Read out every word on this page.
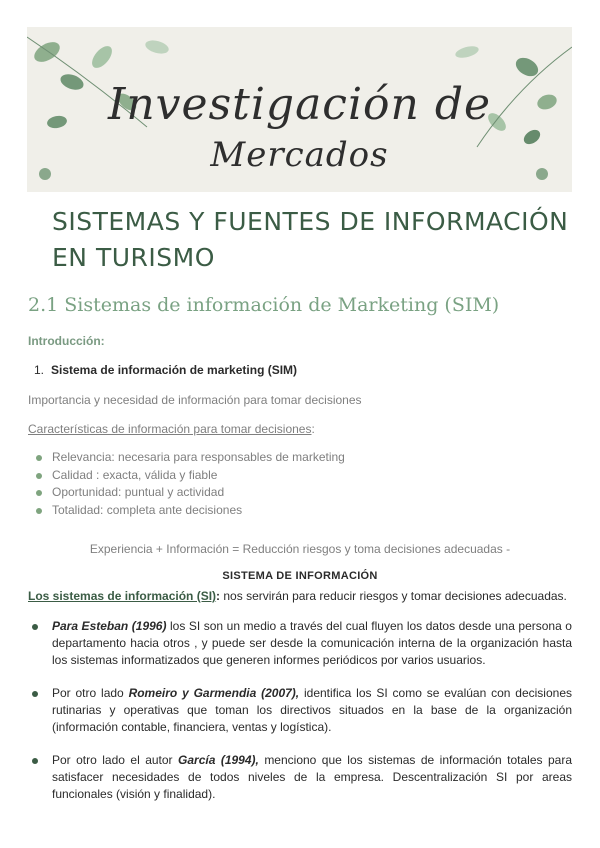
Investigación de
Mercados
SISTEMAS Y FUENTES DE INFORMACIÓN EN TURISMO
2.1 Sistemas de información de Marketing (SIM)

Introducción:

1. Sistema de información de marketing (SIM)

Importancia y necesidad de información para tomar decisiones

Características de información para tomar decisiones:

Relevancia: necesaria para responsables de marketing
Calidad : exacta, válida y fiable
Oportunidad: puntual y actividad
Totalidad: completa ante decisiones

Experiencia + Información = Reducción riesgos y toma decisiones adecuadas -

SISTEMA DE INFORMACIÓN

Los sistemas de información (SI): nos servirán para reducir riesgos y tomar decisiones adecuadas.

Para Esteban (1996) los SI son un medio a través del cual fluyen los datos desde una persona o departamento hacia otros , y puede ser desde la comunicación interna de la organización hasta los sistemas informatizados que generen informes periódicos por varios usuarios.

Por otro lado Romeiro y Garmendia (2007), identifica los SI como se evalúan con decisiones rutinarias y operativas que toman los directivos situados en la base de la organización (información contable, financiera, ventas y logística).

Por otro lado el autor García (1994), menciono que los sistemas de información totales para satisfacer necesidades de todos niveles de la empresa. Descentralización SI por areas funcionales (visión y finalidad).
